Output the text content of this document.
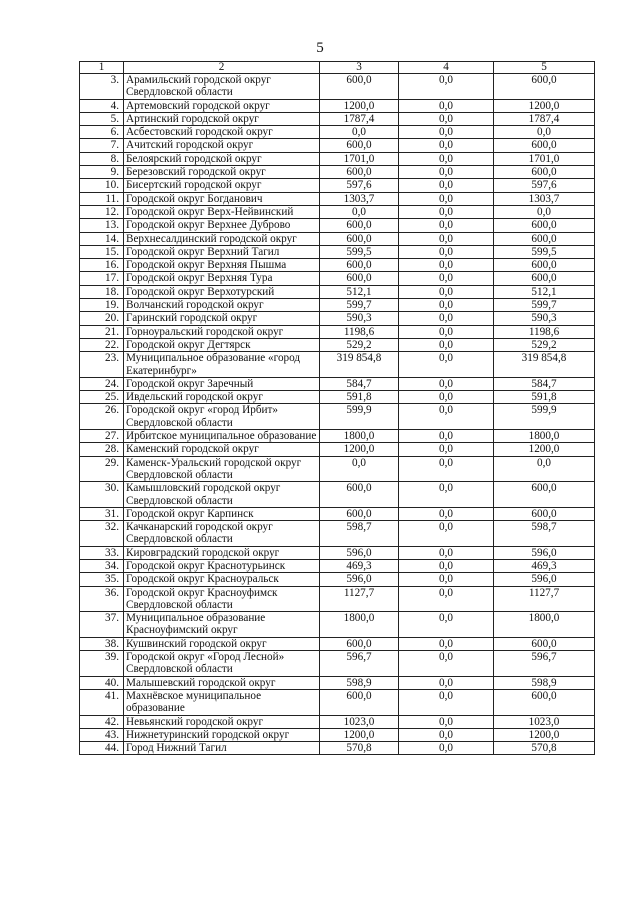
5
1	2	3	4	5
3.	Арамильский городской округ Свердловской области	600,0	0,0	600,0
4.	Артемовский городской округ	1200,0	0,0	1200,0
5.	Артинский городской округ	1787,4	0,0	1787,4
6.	Асбестовский городской округ	0,0	0,0	0,0
7.	Ачитский городской округ	600,0	0,0	600,0
8.	Белоярский городской округ	1701,0	0,0	1701,0
9.	Березовский городской округ	600,0	0,0	600,0
10.	Бисертский городской округ	597,6	0,0	597,6
11.	Городской округ Богданович	1303,7	0,0	1303,7
12.	Городской округ Верх-Нейвинский	0,0	0,0	0,0
13.	Городской округ Верхнее Дуброво	600,0	0,0	600,0
14.	Верхнесалдинский городской округ	600,0	0,0	600,0
15.	Городской округ Верхний Тагил	599,5	0,0	599,5
16.	Городской округ Верхняя Пышма	600,0	0,0	600,0
17.	Городской округ Верхняя Тура	600,0	0,0	600,0
18.	Городской округ Верхотурский	512,1	0,0	512,1
19.	Волчанский городской округ	599,7	0,0	599,7
20.	Гаринский городской округ	590,3	0,0	590,3
21.	Горноуральский городской округ	1198,6	0,0	1198,6
22.	Городской округ Дегтярск	529,2	0,0	529,2
23.	Муниципальное образование «город Екатеринбург»	319 854,8	0,0	319 854,8
24.	Городской округ Заречный	584,7	0,0	584,7
25.	Ивдельский городской округ	591,8	0,0	591,8
26.	Городской округ «город Ирбит» Свердловской области	599,9	0,0	599,9
27.	Ирбитское муниципальное образование	1800,0	0,0	1800,0
28.	Каменский городской округ	1200,0	0,0	1200,0
29.	Каменск-Уральский городской округ Свердловской области	0,0	0,0	0,0
30.	Камышловский городской округ Свердловской области	600,0	0,0	600,0
31.	Городской округ Карпинск	600,0	0,0	600,0
32.	Качканарский городской округ Свердловской области	598,7	0,0	598,7
33.	Кировградский городской округ	596,0	0,0	596,0
34.	Городской округ Краснотурьинск	469,3	0,0	469,3
35.	Городской округ Красноуральск	596,0	0,0	596,0
36.	Городской округ Красноуфимск Свердловской области	1127,7	0,0	1127,7
37.	Муниципальное образование Красноуфимский округ	1800,0	0,0	1800,0
38.	Кушвинский городской округ	600,0	0,0	600,0
39.	Городской округ «Город Лесной» Свердловской области	596,7	0,0	596,7
40.	Малышевский городской округ	598,9	0,0	598,9
41.	Махнёвское муниципальное образование	600,0	0,0	600,0
42.	Невьянский городской округ	1023,0	0,0	1023,0
43.	Нижнетуринский городской округ	1200,0	0,0	1200,0
44.	Город Нижний Тагил	570,8	0,0	570,8
